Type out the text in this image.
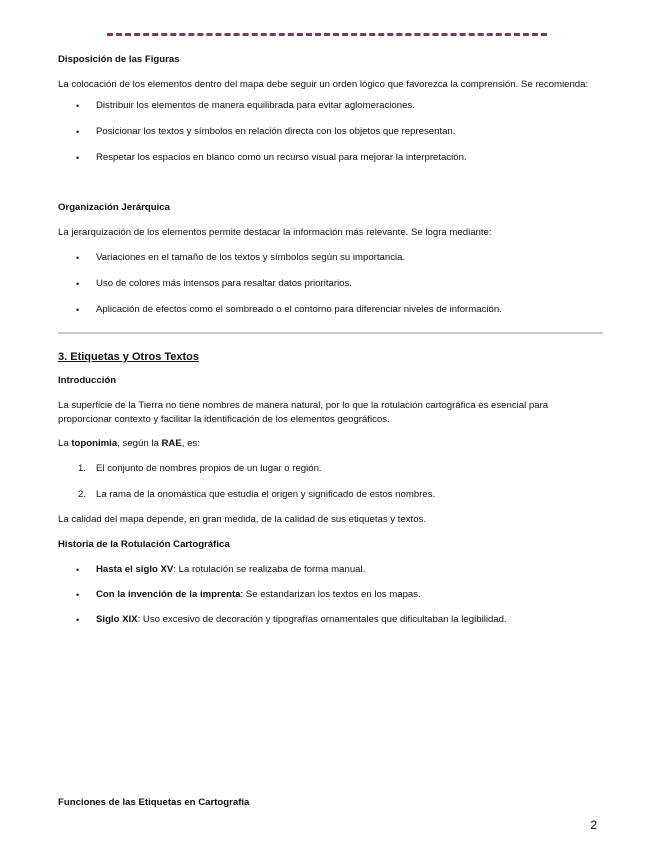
Disposición de las Figuras

La colocación de los elementos dentro del mapa debe seguir un orden lógico que favorezca la comprensión. Se recomienda:

• Distribuir los elementos de manera equilibrada para evitar aglomeraciones.
• Posicionar los textos y símbolos en relación directa con los objetos que representan.
• Respetar los espacios en blanco como un recurso visual para mejorar la interpretación.

Organización Jerárquica

La jerarquización de los elementos permite destacar la información más relevante. Se logra mediante:

• Variaciones en el tamaño de los textos y símbolos según su importancia.
• Uso de colores más intensos para resaltar datos prioritarios.
• Aplicación de efectos como el sombreado o el contorno para diferenciar niveles de información.

3. Etiquetas y Otros Textos

Introducción

La superficie de la Tierra no tiene nombres de manera natural, por lo que la rotulación cartográfica es esencial para proporcionar contexto y facilitar la identificación de los elementos geográficos.

La toponimia, según la RAE, es:

1. El conjunto de nombres propios de un lugar o región.
2. La rama de la onomástica que estudia el origen y significado de estos nombres.

La calidad del mapa depende, en gran medida, de la calidad de sus etiquetas y textos.

Historia de la Rotulación Cartográfica

• Hasta el siglo XV: La rotulación se realizaba de forma manual.
• Con la invención de la imprenta: Se estandarizan los textos en los mapas.
• Siglo XIX: Uso excesivo de decoración y tipografías ornamentales que dificultaban la legibilidad.

Funciones de las Etiquetas en Cartografía

2
